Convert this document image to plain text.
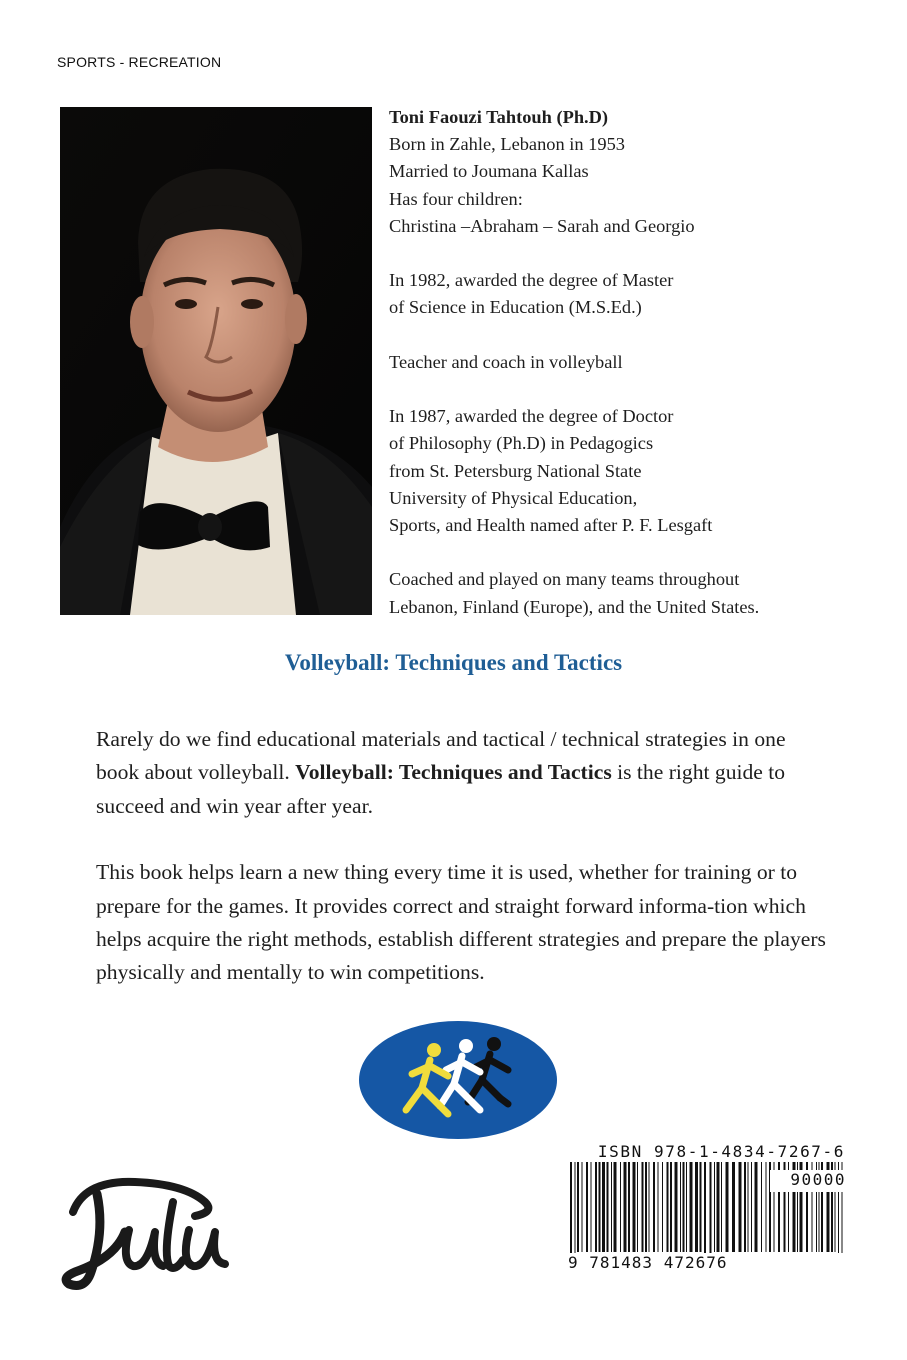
SPORTS - RECREATION
Toni Faouzi Tahtouh (Ph.D)
Born in Zahle, Lebanon in 1953
Married to Joumana Kallas
Has four children:
Christina –Abraham – Sarah and Georgio
In 1982, awarded the degree of Master
of Science in Education (M.S.Ed.)
Teacher and coach in volleyball
In 1987, awarded the degree of Doctor
of Philosophy (Ph.D) in Pedagogics
from St. Petersburg National State
University of Physical Education,
Sports, and Health named after P. F. Lesgaft
Coached and played on many teams throughout
Lebanon, Finland (Europe), and the United States.
Volleyball: Techniques and Tactics

Rarely do we find educational materials and tactical / technical strategies in one book about volleyball. Volleyball: Techniques and Tactics is the right guide to succeed and win year after year.

This book helps learn a new thing every time it is used, whether for training or to prepare for the games. It provides correct and straight forward informa-tion which helps acquire the right methods, establish different strategies and prepare the players physically and mentally to win competitions.

ISBN 978-1-4834-7267-6
90000
9 781483 472676
